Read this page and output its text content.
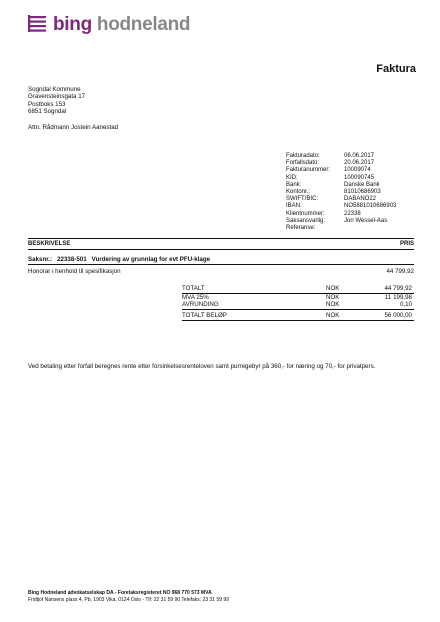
bing hodneland
Faktura
Sogndal Kommune
Gravensteinsgata 17
Postboks 153
6851 Sogndal
Attn. Rådmann Jostein Aanestad
Fakturadato:	06.06.2017
Forfallsdato:	20.06.2017
Fakturanummer:	10009074
KID:	100090745
Bank:	Danske Bank
Kontonr.:	81010686903
SWIFT/BIC:	DABANO22
IBAN:	NO5881010686903
Klientnummer:	22338
Saksansvarlig:	Jon Wessel-Aas
Referanse:
BESKRIVELSE	PRIS
Saksnr.: 22338-501 Vurdering av grunnlag for evt PFU-klage
Honorar i henhold til spesifikasjon	44 799,92
TOTALT	NOK	44 799,92
MVA 25%	NOK	11 199,98
AVRUNDING	NOK	0,10
TOTALT BELØP	NOK	56 000,00
Ved betaling etter forfall beregnes rente etter forsinkelsesrenteloven samt purregebyr på 360,- for næring og 70,- for privatpers.
Bing Hodneland advokatselskap DA - Foretaksregisteret NO 968 770 573 MVA
Fridtjof Nansens plass 4, Pb. 1903 Vika, 0124 Oslo - Tlf: 22 31 59 90 Telefaks: 23 31 59 99
